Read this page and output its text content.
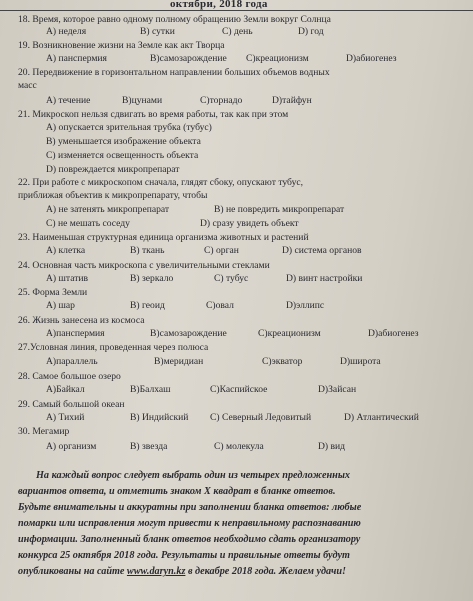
октябри, 2018 года
18. Время, которое равно одному полному обращению Земли вокруг Солнца
А) неделя	В) сутки	С) день	D) год
19. Возникновение жизни на Земле как акт Творца
А) панспермия	В)самозарождение С)креационизм	D)абиогенез
20. Передвижение в горизонтальном направлении больших объемов водных
масс
А) течение	В)цунами	С)торнадо	D)тайфун
21. Микроскоп нельзя сдвигать во время работы, так как при этом
А) опускается зрительная трубка (тубус)
В) уменьшается изображение объекта
С) изменяется освещенность объекта
D) повреждается микропрепарат
22. При работе с микроскопом сначала, глядят сбоку, опускают тубус,
приближая объектив к микропрепарату, чтобы
А) не затенять микропрепарат	В) не повредить микропрепарат
С) не мешать соседу	D) сразу увидеть объект
23. Наименьшая структурная единица организма животных и растений
А) клетка	В) ткань	С) орган	D) система органов
24. Основная часть микроскопа с увеличительными стеклами
А) штатив	В) зеркало	С) тубус	D) винт настройки
25. Форма Земли
А) шар	В) геоид	С)овал	D)эллипс
26. Жизнь занесена из космоса
А)панспермия	В)самозарождение	С)креационизм	D)абиогенез
27.Условная линия, проведенная через полюса
А)параллель	В)меридиан	С)экватор	D)широта
28. Самое большое озеро
А)Байкал	В)Балхаш	С)Каспийское	D)Зайсан
29. Самый большой океан
А) Тихий	В) Индийский С) Северный Ледовитый	D) Атлантический
30. Мегамир
А) организм	В) звезда	С) молекула	D) вид
На каждый вопрос следует выбрать один из четырех предложенных
вариантов ответа, и отметить знаком X квадрат в бланке ответов.
Будьте внимательны и аккуратны при заполнении бланка ответов: любые
помарки или исправления могут привести к неправильному распознаванию
информации. Заполненный бланк ответов необходимо сдать организатору
конкурса 25 октября 2018 года. Результаты и правильные ответы будут
опубликованы на сайте www.daryn.kz в декабре 2018 года. Желаем удачи!
